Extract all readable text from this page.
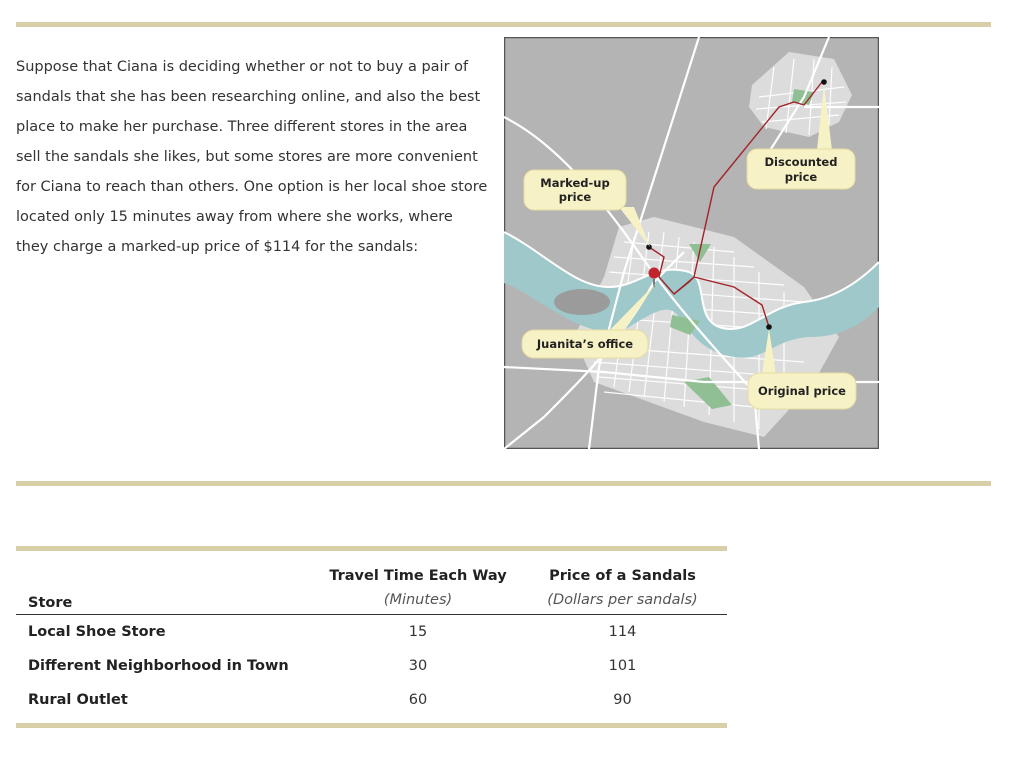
Suppose that Ciana is deciding whether or not to buy a pair of sandals that she has been researching online, and also the best place to make her purchase. Three different stores in the area sell the sandals she likes, but some stores are more convenient for Ciana to reach than others. One option is her local shoe store located only 15 minutes away from where she works, where they charge a marked-up price of $114 for the sandals:

Marked-up
price
Discounted
price
Juanita’s office
Original price
	Travel Time Each Way	Price of a Sandals
Store	(Minutes)	(Dollars per sandals)
Local Shoe Store	15	114
Different Neighborhood in Town	30	101
Rural Outlet	60	90
